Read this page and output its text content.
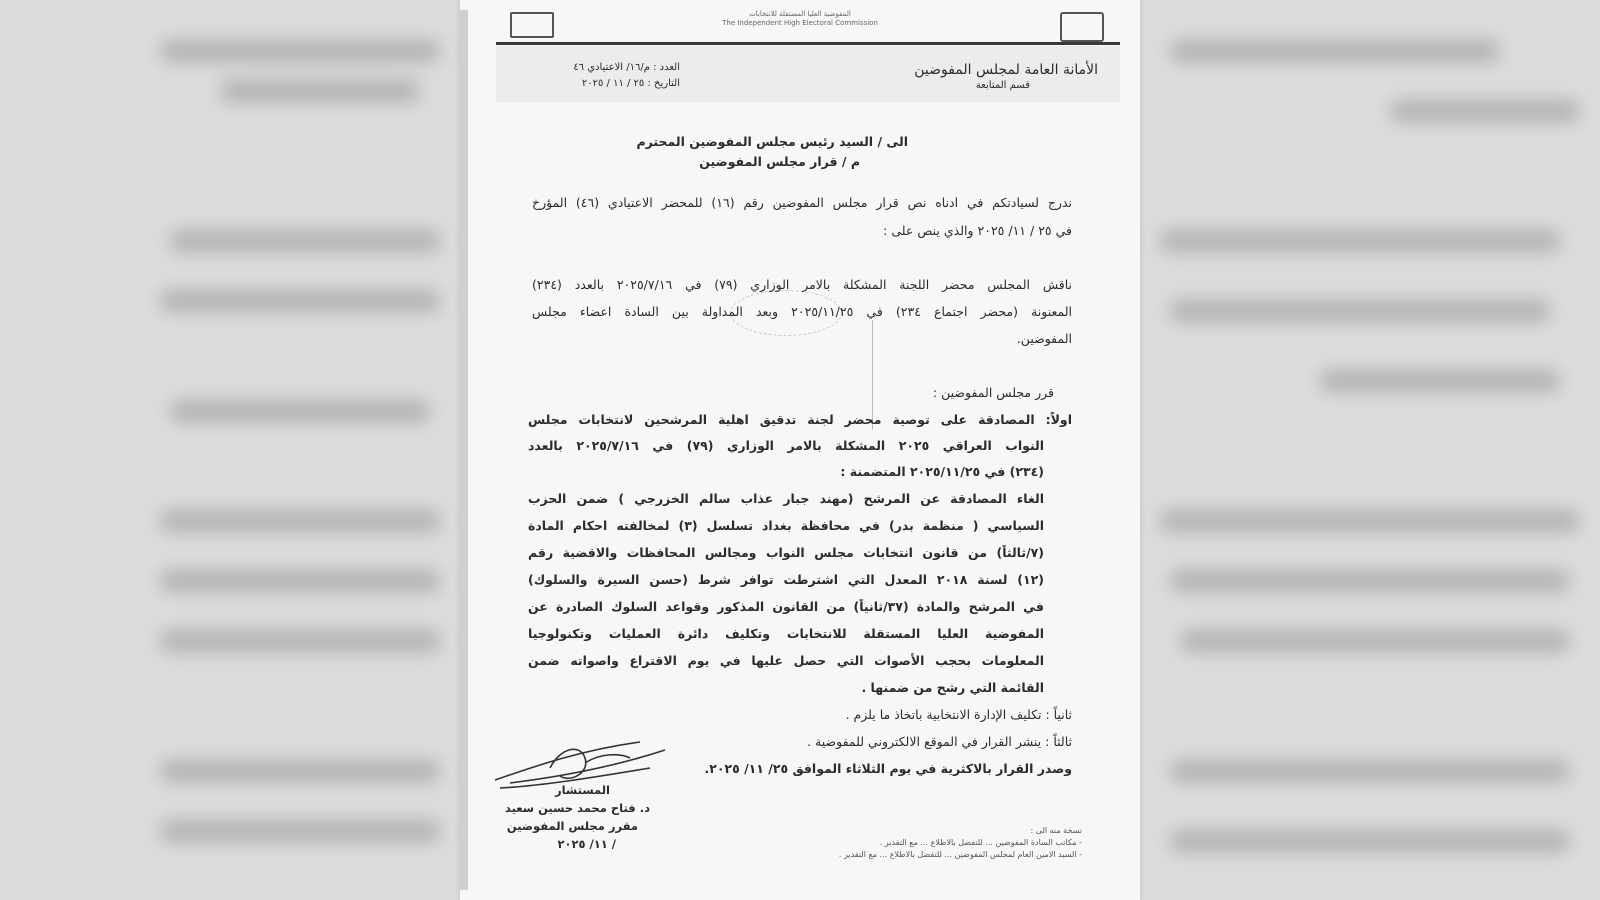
المفوضية العليا المستقلة للانتخابات
The Independent High Electoral Commission
الأمانة العامة لمجلس المفوضين
قسم المتابعة
العدد : م/١٦/ الاعتيادي ٤٦
التاريخ : ٢٥ / ١١ / ٢٠٢٥
الى / السيد رئيس مجلس المفوضين المحترم
م / قرار مجلس المفوضين
ندرج لسيادتكم في ادناه نص قرار مجلس المفوضين رقم (١٦) للمحضر الاعتيادي (٤٦) المؤرخ
في ٢٥ / ١١/ ٢٠٢٥ والذي ينص على :
ناقش المجلس محضر اللجنة المشكلة بالامر الوزاري (٧٩) في ٢٠٢٥/٧/١٦ بالعدد (٢٣٤)
المعنونة (محضر اجتماع ٢٣٤) في ٢٠٢٥/١١/٢٥ وبعد المداولة بين السادة اعضاء مجلس
المفوضين.
قرر مجلس المفوضين :
اولاً: المصادقة على توصية محضر لجنة تدقيق اهلية المرشحين لانتخابات مجلس
النواب العراقي ٢٠٢٥ المشكلة بالامر الوزاري (٧٩) في ٢٠٢٥/٧/١٦ بالعدد
(٢٣٤) في ٢٠٢٥/١١/٢٥ المتضمنة :
الغاء المصادقة عن المرشح (مهند جبار عذاب سالم الخزرجي ) ضمن الحزب
السياسي ( منظمة بدر) في محافظة بغداد تسلسل (٣) لمخالفته احكام المادة
(٧/ثالثاً) من قانون انتخابات مجلس النواب ومجالس المحافظات والاقضية رقم
(١٢) لسنة ٢٠١٨ المعدل التي اشترطت توافر شرط (حسن السيرة والسلوك)
في المرشح والمادة (٣٧/ثانياً) من القانون المذكور وقواعد السلوك الصادرة عن
المفوضية العليا المستقلة للانتخابات وتكليف دائرة العمليات وتكنولوجيا
المعلومات بحجب الأصوات التي حصل عليها في يوم الاقتراع واصواته ضمن
القائمة التي رشح من ضمنها .
ثانياً : تكليف الإدارة الانتخابية باتخاذ ما يلزم .
ثالثاً : ينشر القرار في الموقع الالكتروني للمفوضية .
وصدر القرار بالاكثرية في يوم الثلاثاء الموافق ٢٥/ ١١/ ٢٠٢٥.
المستشار
د. فتاح محمد حسين سعيد
مقرر مجلس المفوضين
/ ١١/ ٢٠٢٥
نسخة منه الى :
- مكاتب السادة المفوضين ... للتفضل بالاطلاع ... مع التقدير .
- السيد الامين العام لمجلس المفوضين ... للتفضل بالاطلاع ... مع التقدير .
